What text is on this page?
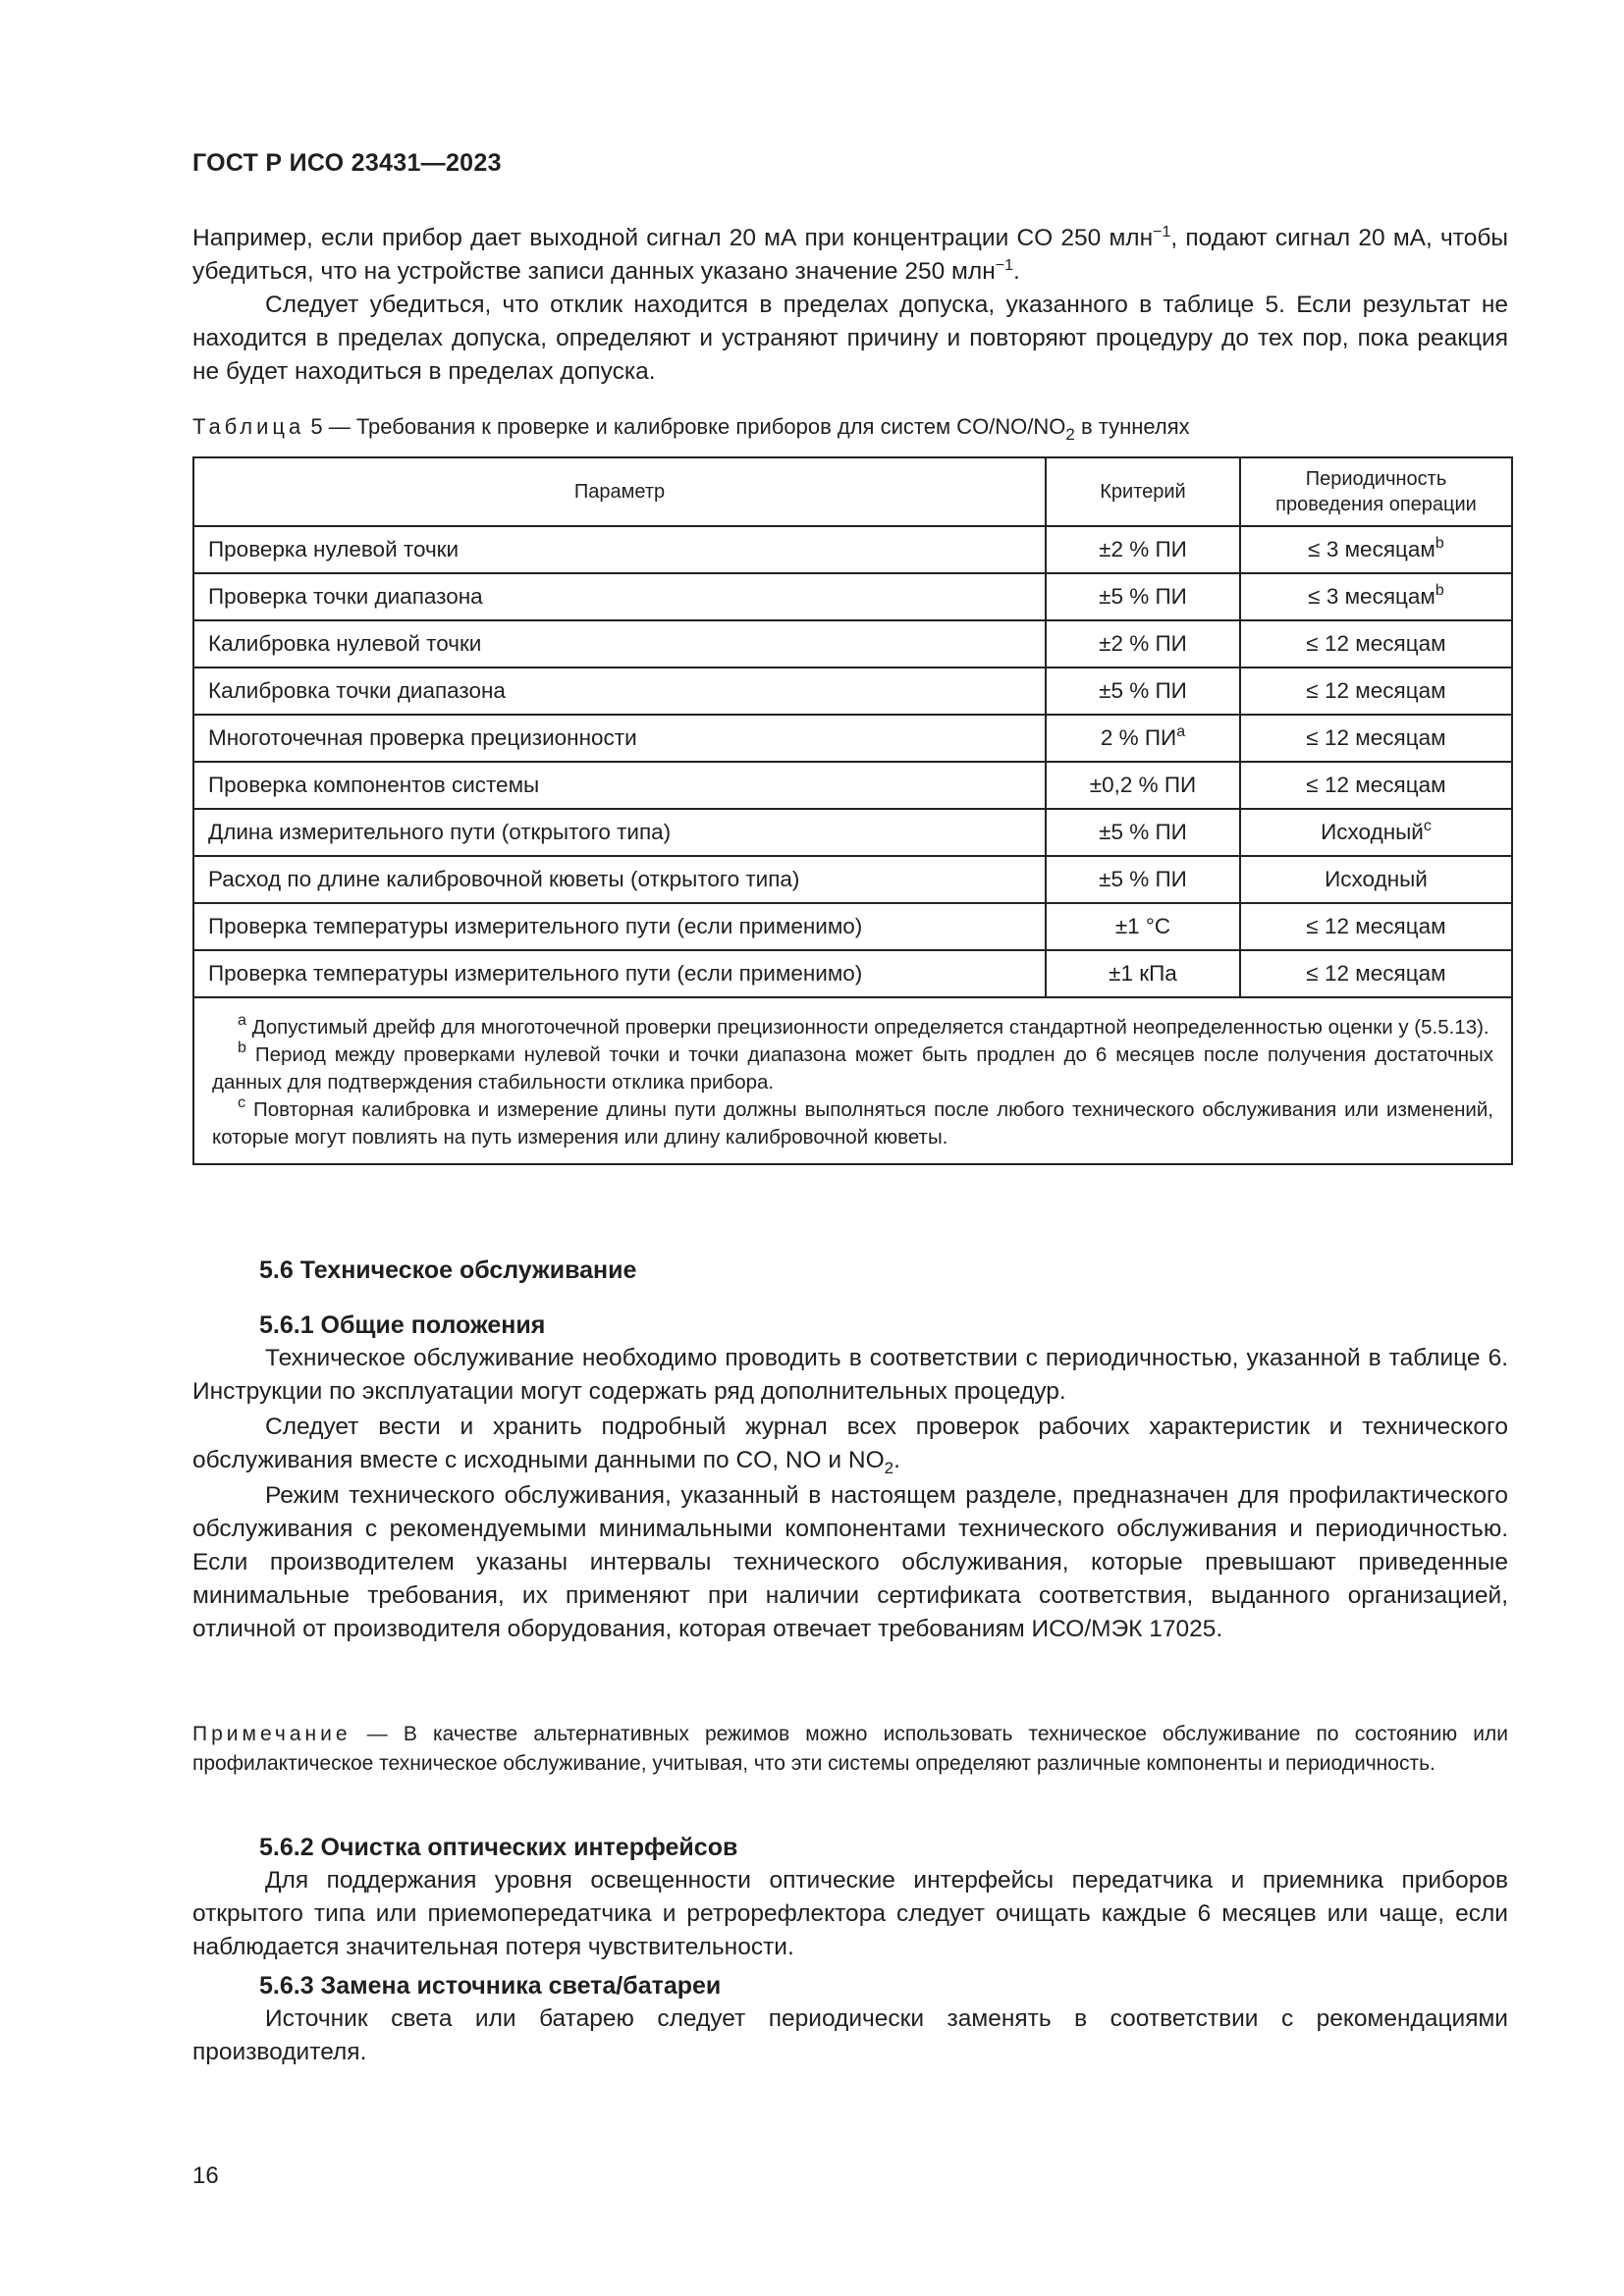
ГОСТ Р ИСО 23431—2023

Например, если прибор дает выходной сигнал 20 мА при концентрации CO 250 млн$^{-1}$, подают сигнал 20 мА, чтобы убедиться, что на устройстве записи данных указано значение 250 млн$^{-1}$.

Следует убедиться, что отклик находится в пределах допуска, указанного в таблице 5. Если результат не находится в пределах допуска, определяют и устраняют причину и повторяют процедуру до тех пор, пока реакция не будет находиться в пределах допуска.

Таблица 5 — Требования к проверке и калибровке приборов для систем $CO/NO/NO_2$ в туннелях
Параметр	Критерий	Периодичность проведения операции
Проверка нулевой точки	±2 % ПИ	≤ 3 месяцам$^b$
Проверка точки диапазона	±5 % ПИ	≤ 3 месяцам$^b$
Калибровка нулевой точки	±2 % ПИ	≤ 12 месяцам
Калибровка точки диапазона	±5 % ПИ	≤ 12 месяцам
Многоточечная проверка прецизионности	2 % $ПИ^a$	≤ 12 месяцам
Проверка компонентов системы	±0,2 % ПИ	≤ 12 месяцам
Длина измерительного пути (открытого типа)	±5 % ПИ	Исходный$^c$
Расход по длине калибровочной кюветы (открытого типа)	±5 % ПИ	Исходный
Проверка температуры измерительного пути (если применимо)	±1 °C	≤ 12 месяцам
Проверка температуры измерительного пути (если применимо)	±1 кПа	≤ 12 месяцам

$^a$ Допустимый дрейф для многоточечной проверки прецизионности определяется стандартной неопределенностью оценки y (5.5.13).
$^b$ Период между проверками нулевой точки и точки диапазона может быть продлен до 6 месяцев после получения достаточных данных для подтверждения стабильности отклика прибора.
$^c$ Повторная калибровка и измерение длины пути должны выполняться после любого технического обслуживания или изменений, которые могут повлиять на путь измерения или длину калибровочной кюветы.		
5.6 Техническое обслуживание
5.6.1 Общие положения

Техническое обслуживание необходимо проводить в соответствии с периодичностью, указанной в таблице 6. Инструкции по эксплуатации могут содержать ряд дополнительных процедур.

Следует вести и хранить подробный журнал всех проверок рабочих характеристик и технического обслуживания вместе с исходными данными по CO, NO и $NO_2$.

Режим технического обслуживания, указанный в настоящем разделе, предназначен для профилактического обслуживания с рекомендуемыми минимальными компонентами технического обслуживания и периодичностью. Если производителем указаны интервалы технического обслуживания, которые превышают приведенные минимальные требования, их применяют при наличии сертификата соответствия, выданного организацией, отличной от производителя оборудования, которая отвечает требованиям ИСО/МЭК 17025.

Примечание — В качестве альтернативных режимов можно использовать техническое обслуживание по состоянию или профилактическое техническое обслуживание, учитывая, что эти системы определяют различные компоненты и периодичность.
5.6.2 Очистка оптических интерфейсов

Для поддержания уровня освещенности оптические интерфейсы передатчика и приемника приборов открытого типа или приемопередатчика и ретрорефлектора следует очищать каждые 6 месяцев или чаще, если наблюдается значительная потеря чувствительности.

5.6.3 Замена источника света/батареи

Источник света или батарею следует периодически заменять в соответствии с рекомендациями производителя.

16
